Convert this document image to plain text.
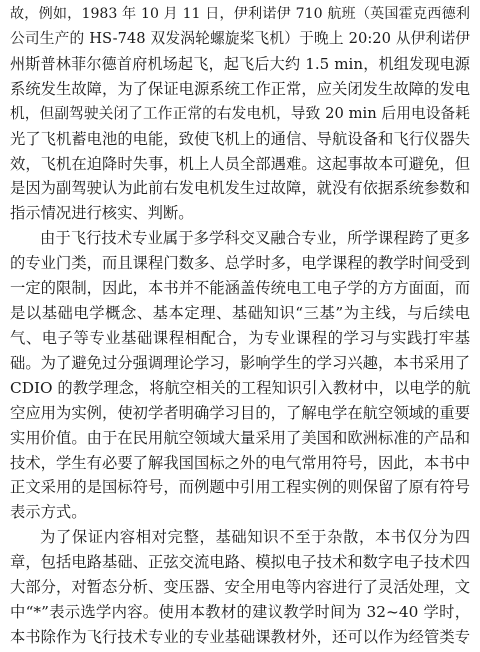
故，例如，1983 年 10 月 11 日，伊利诺伊 710 航班（英国霍克西德利
公司生产的 HS-748 双发涡轮螺旋桨飞机）于晚上 20:20 从伊利诺伊
州斯普林菲尔德首府机场起飞，起飞后大约 1.5 min，机组发现电源
系统发生故障，为了保证电源系统工作正常，应关闭发生故障的发电
机，但副驾驶关闭了工作正常的右发电机，导致 20 min 后用电设备耗
光了飞机蓄电池的电能，致使飞机上的通信、导航设备和飞行仪器失
效，飞机在迫降时失事，机上人员全部遇难。这起事故本可避免，但
是因为副驾驶认为此前右发电机发生过故障，就没有依据系统参数和
指示情况进行核实、判断。
由于飞行技术专业属于多学科交叉融合专业，所学课程跨了更多
的专业门类，而且课程门数多、总学时多，电学课程的教学时间受到
一定的限制，因此，本书并不能涵盖传统电工电子学的方方面面，而
是以基础电学概念、基本定理、基础知识“三基”为主线，与后续电
气、电子等专业基础课程相配合，为专业课程的学习与实践打牢基
础。为了避免过分强调理论学习，影响学生的学习兴趣，本书采用了
CDIO 的教学理念，将航空相关的工程知识引入教材中，以电学的航
空应用为实例，使初学者明确学习目的，了解电学在航空领域的重要
实用价值。由于在民用航空领域大量采用了美国和欧洲标准的产品和
技术，学生有必要了解我国国标之外的电气常用符号，因此，本书中
正文采用的是国标符号，而例题中引用工程实例的则保留了原有符号
表示方式。
为了保证内容相对完整，基础知识不至于杂散，本书仅分为四
章，包括电路基础、正弦交流电路、模拟电子技术和数字电子技术四
大部分，对暂态分析、变压器、安全用电等内容进行了灵活处理，文
中“*”表示选学内容。使用本教材的建议教学时间为 32~40 学时，
本书除作为飞行技术专业的专业基础课教材外，还可以作为经管类专
